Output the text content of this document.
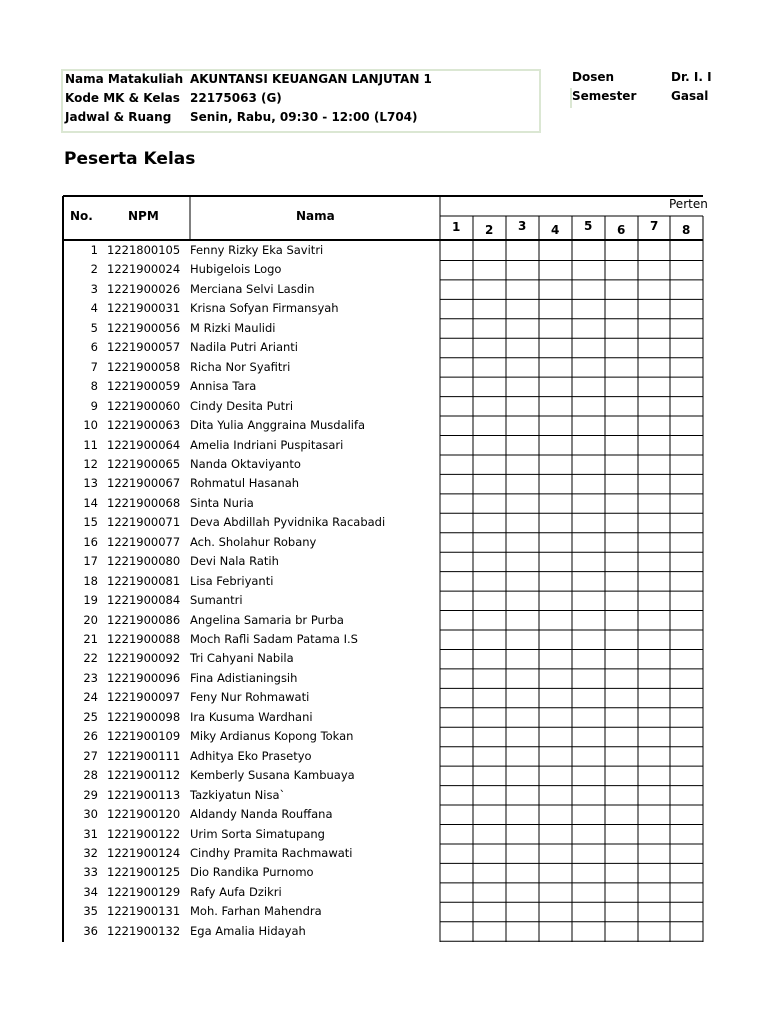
Nama Matakuliah AKUNTANSI KEUANGAN LANJUTAN 1
Kode MK & Kelas 22175063 (G)
Jadwal & Ruang Senin, Rabu, 09:30 - 12:00 (L704)
Dosen	Dr. I. I
Semester	Gasal
Peserta Kelas
No.	NPM	Nama
Perten
1 2 3 4 5 6 7 8
1 1221800105 Fenny Rizky Eka Savitri
2 1221900024 Hubigelois Logo
3 1221900026 Merciana Selvi Lasdin
4 1221900031 Krisna Sofyan Firmansyah
5 1221900056 M Rizki Maulidi
6 1221900057 Nadila Putri Arianti
7 1221900058 Richa Nor Syafitri
8 1221900059 Annisa Tara
9 1221900060 Cindy Desita Putri
10 1221900063 Dita Yulia Anggraina Musdalifa
11 1221900064 Amelia Indriani Puspitasari
12 1221900065 Nanda Oktaviyanto
13 1221900067 Rohmatul Hasanah
14 1221900068 Sinta Nuria
15 1221900071 Deva Abdillah Pyvidnika Racabadi
16 1221900077 Ach. Sholahur Robany
17 1221900080 Devi Nala Ratih
18 1221900081 Lisa Febriyanti
19 1221900084 Sumantri
20 1221900086 Angelina Samaria br Purba
21 1221900088 Moch Rafli Sadam Patama I.S
22 1221900092 Tri Cahyani Nabila
23 1221900096 Fina Adistianingsih
24 1221900097 Feny Nur Rohmawati
25 1221900098 Ira Kusuma Wardhani
26 1221900109 Miky Ardianus Kopong Tokan
27 1221900111 Adhitya Eko Prasetyo
28 1221900112 Kemberly Susana Kambuaya
29 1221900113 Tazkiyatun Nisa`
30 1221900120 Aldandy Nanda Rouffana
31 1221900122 Urim Sorta Simatupang
32 1221900124 Cindhy Pramita Rachmawati
33 1221900125 Dio Randika Purnomo
34 1221900129 Rafy Aufa Dzikri
35 1221900131 Moh. Farhan Mahendra
36 1221900132 Ega Amalia Hidayah
